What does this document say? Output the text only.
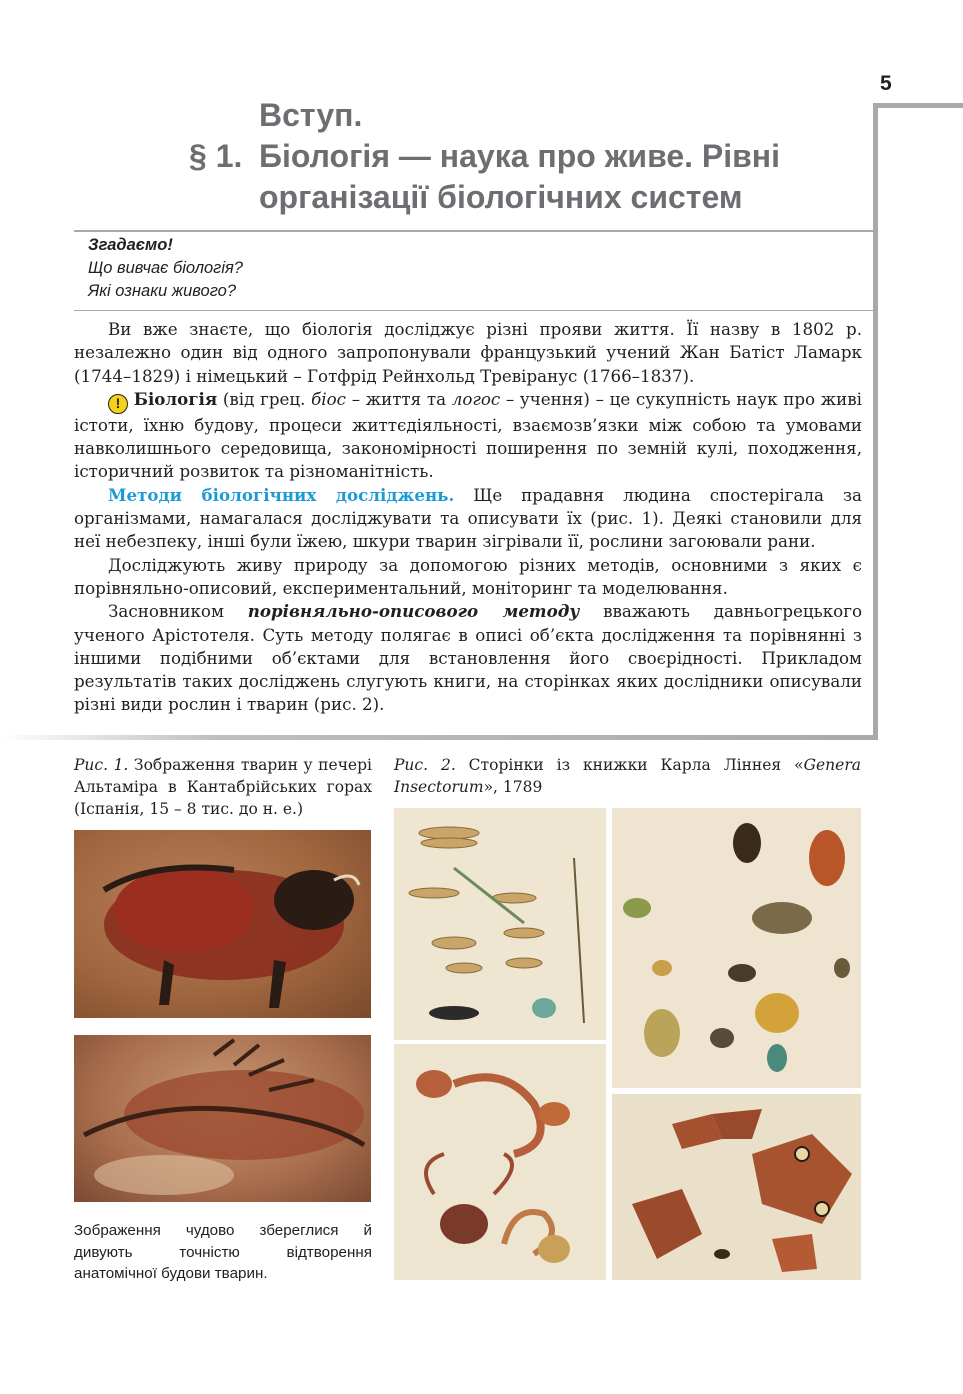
5
Вступ.
§ 1. Біологія — наука про живе. Рівні
організації біологічних систем
Згадаємо!
Що вивчає біологія?
Які ознаки живого?

Ви вже знаєте, що біологія досліджує різні прояви життя. Її назву в 1802 р. незалежно один від одного запропонували французький учений Жан Батіст Ламарк (1744–1829) і німецький – Готфрід Рейнхольд Тревіранус (1766–1837).

! Біологія (від грец. біос – життя та логос – учення) – це сукупність наук про живі істоти, їхню будову, процеси життєдіяльності, взаємозв’язки між собою та умовами навколишнього середовища, закономірності поширення по земній кулі, походження, історичний розвиток та різноманітність.

Методи біологічних досліджень. Ще прадавня людина спостерігала за організмами, намагалася досліджувати та описувати їх (рис. 1). Деякі становили для неї небезпеку, інші були їжею, шкури тварин зігрівали її, рослини загоювали рани.

Досліджують живу природу за допомогою різних методів, основними з яких є порівняльно-описовий, експериментальний, моніторинг та моделювання.

Засновником порівняльно-описового методу вважають давньогрецького ученого Арістотеля. Суть методу полягає в описі об’єкта дослідження та порівнянні з іншими подібними об’єктами для встановлення його своєрідності. Прикладом результатів таких досліджень слугують книги, на сторінках яких дослідники описували різні види рослин і тварин (рис. 2).

Рис. 1. Зображення тварин у печері Альтаміра в Кантабрійських горах (Іспанія, 15 – 8 тис. до н. е.)
Рис. 2. Сторінки із книжки Карла Ліннея «Genera Insectorum», 1789
Зображення чудово збереглися й дивують точністю відтворення анатомічної будови тварин.
